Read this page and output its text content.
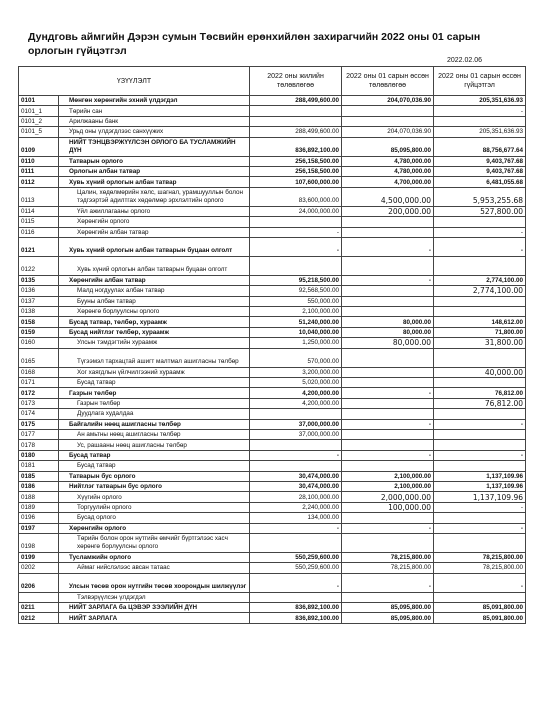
Дундговь аймгийн Дэрэн сумын Төсвийн ерөнхийлөн захирагчийн 2022 оны 01 сарын орлогын гүйцэтгэл
2022.02.06
ҮЗҮҮЛЭЛТ		2022 оны жилийн төлөвлөгөө	2022 оны 01 сарын өссөн төлөвлөгөө	2022 оны 01 сарын өссөн гүйцэтгэл
0101	Мөнгөн хөрөнгийн эхний үлдэгдэл	288,499,600.00	204,070,036.90	205,351,636.93
0101_1	Төрийн сан			-
0101_2	Арилжааны банк			
0101_5	Урьд оны үлдэгдлээс санхүүжих	288,499,600.00	204,070,036.90	205,351,636.93
0109	НИЙТ ТЭНЦВЭРЖҮҮЛСЭН ОРЛОГО БА ТУСЛАМЖИЙН ДҮН	836,892,100.00	85,095,800.00	88,756,677.64
0110	Татварын орлого	256,158,500.00	4,780,000.00	9,403,767.68
0111	Орлогын албан татвар	256,158,500.00	4,780,000.00	9,403,767.68
0112	Хувь хүний орлогын албан татвар	107,600,000.00	4,700,000.00	6,481,055.68
0113	Цалин, хөдөлмөрийн хөлс, шагнал, урамшууллын болон тэдгээртэй адилтгах хөдөлмөр эрхлэлтийн орлого	83,600,000.00	4,500,000.00	5,953,255.68
0114	Үйл ажиллагааны орлого	24,000,000.00	200,000.00	527,800.00
0115	Хөрөнгийн орлого			
0116	Хөрөнгийн албан татвар	-		-
0121	Хувь хүний орлогын албан татварын буцаан олголт	-	-	-
0122	Хувь хүний орлогын албан татварын буцаан олголт			
0135	Хөрөнгийн албан татвар	95,218,500.00	-	2,774,100.00
0136	Малд ногдуулах албан татвар	92,568,500.00		2,774,100.00
0137	Бууны албан татвар	550,000.00		
0138	Хөрөнгө борлуулсны орлого	2,100,000.00		
0158	Бусад татвар, төлбөр, хураамж	51,240,000.00	80,000.00	148,612.00
0159	Бусад нийтлэг төлбөр, хураамж	10,040,000.00	80,000.00	71,800.00
0160	Улсын тэмдэгтийн хураамж	1,250,000.00	80,000.00	31,800.00
0165	Түгээмэл тархацтай ашигт малтмал ашигласны төлбөр	570,000.00		
0168	Хог хаягдлын үйлчилгээний хураамж	3,200,000.00		40,000.00
0171	Бусад татвар	5,020,000.00		
0172	Газрын төлбөр	4,200,000.00	-	76,812.00
0173	Газрын төлбөр	4,200,000.00		76,812.00
0174	Дуудлага худалдаа			
0175	Байгалийн нөөц ашигласны төлбөр	37,000,000.00	-	-
0177	Ан амьтны нөөц ашигласны төлбөр	37,000,000.00		
0178	Ус, рашааны нөөц ашигласны төлбөр			
0180	Бусад татвар	-	-	-
0181	Бусад татвар			
0185	Татварын бус орлого	30,474,000.00	2,100,000.00	1,137,109.96
0186	Нийтлэг татварын бус орлого	30,474,000.00	2,100,000.00	1,137,109.96
0188	Хүүгийн орлого	28,100,000.00	2,000,000.00	1,137,109.96
0189	Торгуулийн орлого	2,240,000.00	100,000.00	-
0196	Бусад орлого	134,000.00		
0197	Хөрөнгийн орлого	-	-	-
0198	Төрийн болон орон нутгийн өмчийг бүртгэлээс хасч хөрөнгө борлуулсны орлого			
0199	Тусламжийн орлого	550,259,600.00	78,215,800.00	78,215,800.00
0202	Аймаг нийслэлээс авсан татаас	550,259,600.00	78,215,800.00	78,215,800.00
0206	Улсын төсөв орон нутгийн төсөв хоорондын шилжүүлэг	-	-	-
	Тэлвэрүүлсэн үлдэгдэл			
0211	НИЙТ ЗАРЛАГА ба ЦЭВЭР ЗЭЭЛИЙН ДҮН	836,892,100.00	85,095,800.00	85,091,800.00
0212	НИЙТ ЗАРЛАГА	836,892,100.00	85,095,800.00	85,091,800.00
